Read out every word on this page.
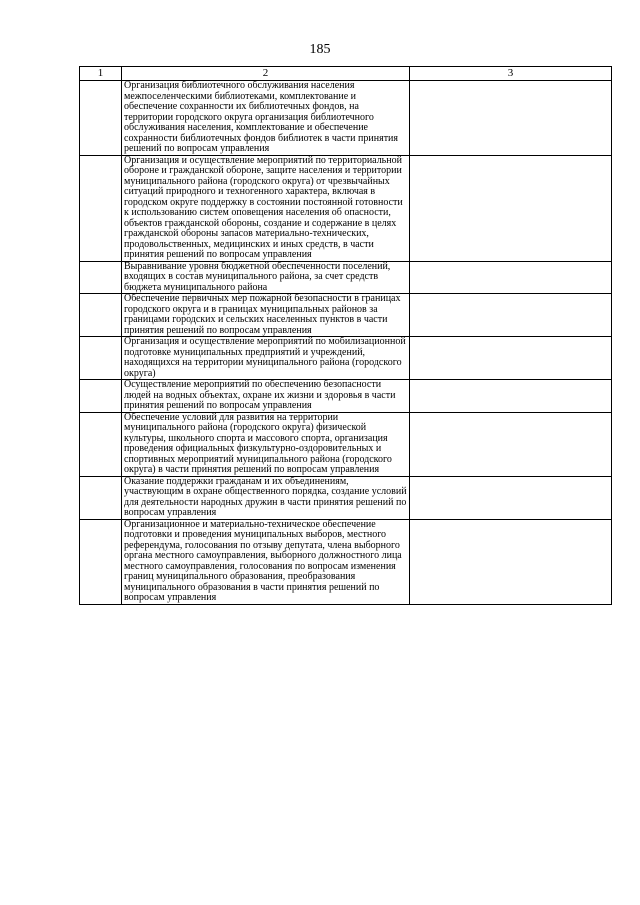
185
1	2	3
	Организация библиотечного обслуживания населения межпоселенческими библиотеками, комплектование и обеспечение сохранности их библиотечных фондов, на территории городского округа организация библиотечного обслуживания населения, комплектование и обеспечение сохранности библиотечных фондов библиотек в части принятия решений по вопросам управления	
	Организация и осуществление мероприятий по территориальной обороне и гражданской обороне, защите населения и территории муниципального района (городского округа) от чрезвычайных ситуаций природного и техногенного характера, включая в городском округе поддержку в состоянии постоянной готовности к использованию систем оповещения населения об опасности, объектов гражданской обороны, создание и содержание в целях гражданской обороны запасов материально-технических, продовольственных, медицинских и иных средств, в части принятия решений по вопросам управления	
	Выравнивание уровня бюджетной обеспеченности поселений, входящих в состав муниципального района, за счет средств бюджета муниципального района	
	Обеспечение первичных мер пожарной безопасности в границах городского округа и в границах муниципальных районов за границами городских и сельских населенных пунктов в части принятия решений по вопросам управления	
	Организация и осуществление мероприятий по мобилизационной подготовке муниципальных предприятий и учреждений, находящихся на территории муниципального района (городского округа)	
	Осуществление мероприятий по обеспечению безопасности людей на водных объектах, охране их жизни и здоровья в части принятия решений по вопросам управления	
	Обеспечение условий для развития на территории муниципального района (городского округа) физической культуры, школьного спорта и массового спорта, организация проведения официальных физкультурно-оздоровительных и спортивных мероприятий муниципального района (городского округа) в части принятия решений по вопросам управления	
	Оказание поддержки гражданам и их объединениям, участвующим в охране общественного порядка, создание условий для деятельности народных дружин в части принятия решений по вопросам управления	
	Организационное и материально-техническое обеспечение подготовки и проведения муниципальных выборов, местного референдума, голосования по отзыву депутата, члена выборного органа местного самоуправления, выборного должностного лица местного самоуправления, голосования по вопросам изменения границ муниципального образования, преобразования муниципального образования в части принятия решений по вопросам управления	
